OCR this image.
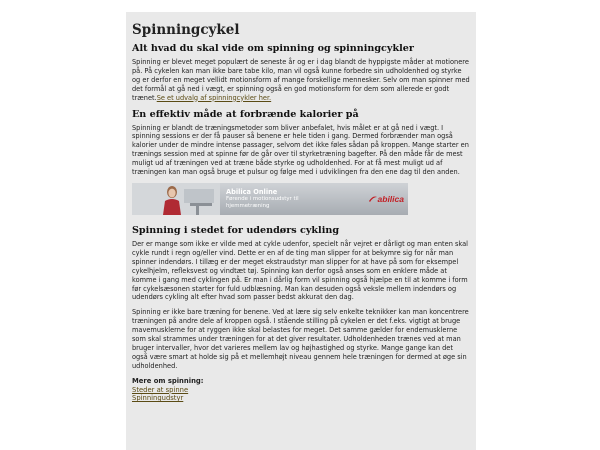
Spinningcykel
Alt hvad du skal vide om spinning og spinningcykler

Spinning er blevet meget populært de seneste år og er i dag blandt de hyppigste måder at motionere på. På cykelen kan man ikke bare tabe kilo, man vil også kunne forbedre sin udholdenhed og styrke og er derfor en meget vellidt motionsform af mange forskellige mennesker. Selv om man spinner med det formål at gå ned i vægt, er spinning også en god motionsform for dem som allerede er godt trænet.Se et udvalg af spinningcykler her.

En effektiv måde at forbrænde kalorier på

Spinning er blandt de træningsmetoder som bliver anbefalet, hvis målet er at gå ned i vægt. I spinning sessions er der få pauser så benene er hele tiden i gang. Dermed forbrænder man også kalorier under de mindre intense passager, selvom det ikke føles sådan på kroppen. Mange starter en trænings session med at spinne før de går over til styrketræning bagefter. På den måde får de mest muligt ud af træningen ved at træne både styrke og udholdenhed. For at få mest muligt ud af træningen kan man også bruge et pulsur og følge med i udviklingen fra den ene dag til den anden.

Abilica Online
Førende i motionsudstyr til hjemmetræning
abilica
Spinning i stedet for udendørs cykling

Der er mange som ikke er vilde med at cykle udenfor, specielt når vejret er dårligt og man enten skal cykle rundt i regn og/eller vind. Dette er en af de ting man slipper for at bekymre sig for når man spinner indendørs. I tillæg er der meget ekstraudstyr man slipper for at have på som for eksempel cykelhjelm, refleksvest og vindtæt tøj. Spinning kan derfor også anses som en enklere måde at komme i gang med cyklingen på. Er man i dårlig form vil spinning også hjælpe en til at komme i form før cykelsæsonen starter for fuld udblæsning. Man kan desuden også veksle mellem indendørs og udendørs cykling alt efter hvad som passer bedst akkurat den dag.

Spinning er ikke bare træning for benene. Ved at lære sig selv enkelte teknikker kan man koncentrere træningen på andre dele af kroppen også. I stående stilling på cykelen er det f.eks. vigtigt at bruge mavemusklerne for at ryggen ikke skal belastes for meget. Det samme gælder for endemusklerne som skal strammes under træningen for at det giver resultater. Udholdenheden trænes ved at man bruger intervaller, hvor det varieres mellem lav og højhastighed og styrke. Mange gange kan det også være smart at holde sig på et mellemhøjt niveau gennem hele træningen for dermed at øge sin udholdenhed.

Mere om spinning:

Steder at spinne
Spinningudstyr
